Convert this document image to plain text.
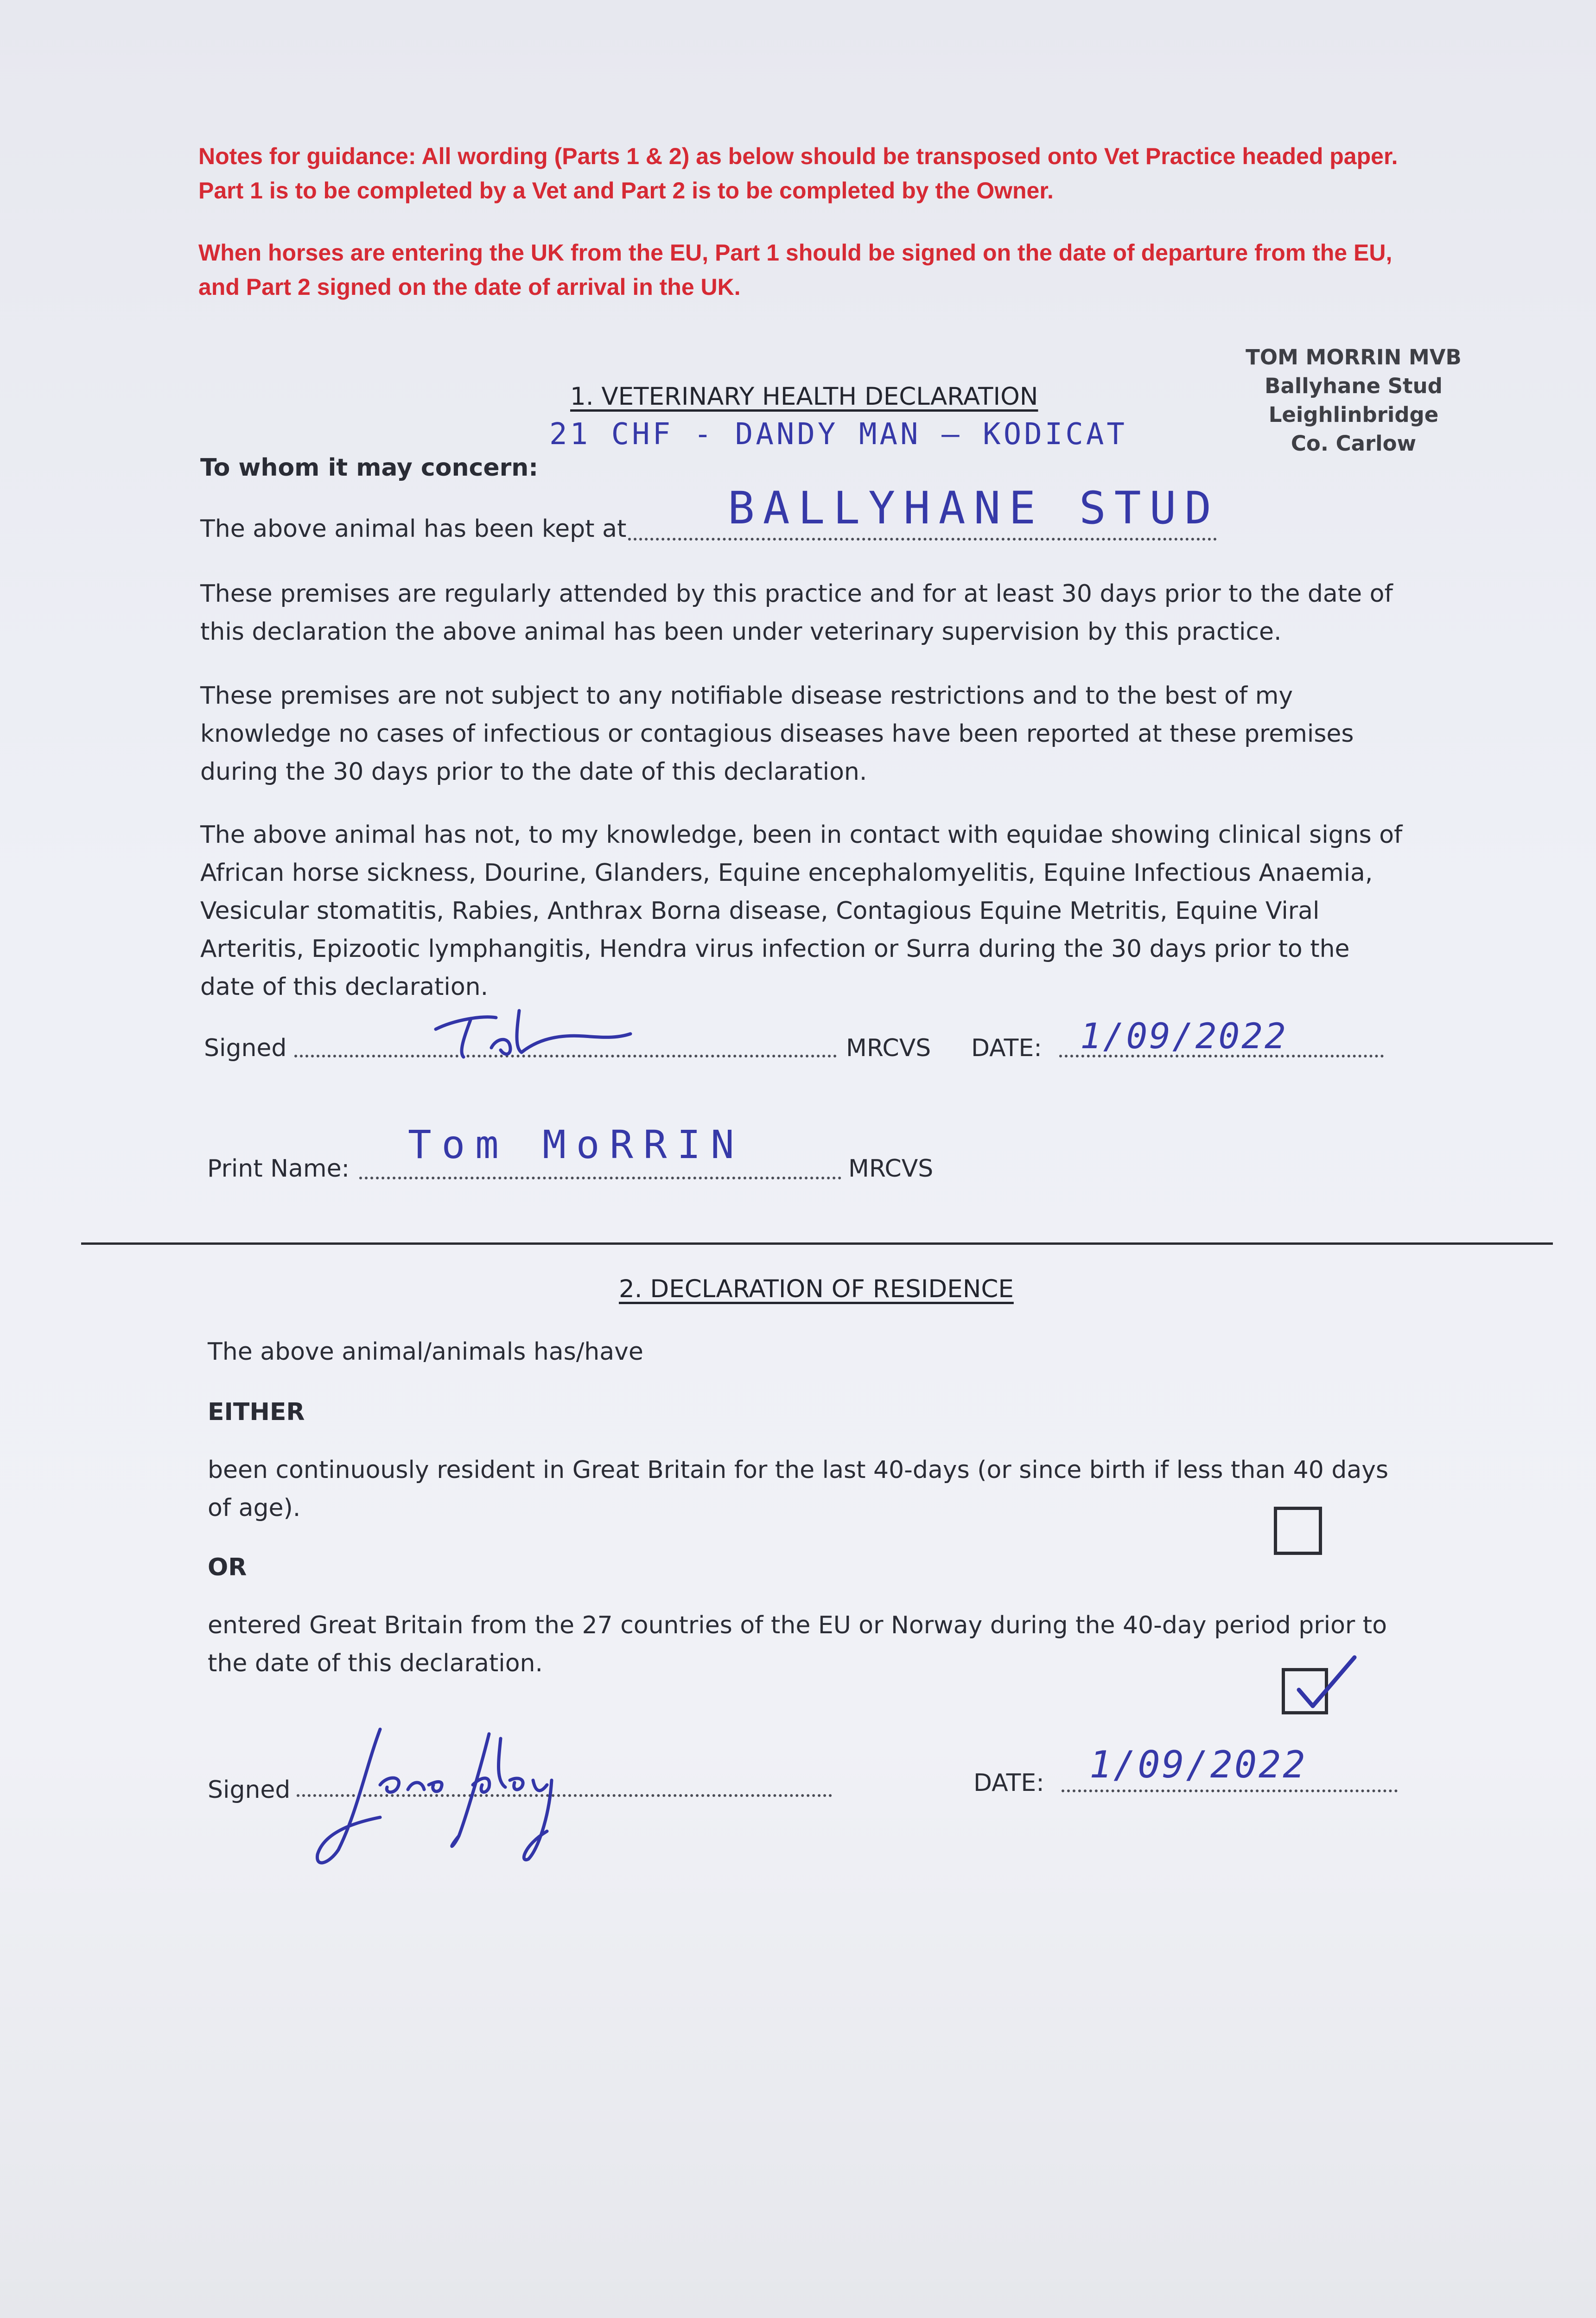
Notes for guidance: All wording (Parts 1 & 2) as below should be transposed onto Vet Practice headed paper. Part 1 is to be completed by a Vet and Part 2 is to be completed by the Owner.
When horses are entering the UK from the EU, Part 1 should be signed on the date of departure from the EU, and Part 2 signed on the date of arrival in the UK.
TOM MORRIN MVB
Ballyhane Stud
Leighlinbridge
Co. Carlow
1. VETERINARY HEALTH DECLARATION
21 CHF - DANDY MAN — KODICAT
To whom it may concern:
The above animal has been kept at BALLYHANE STUD
These premises are regularly attended by this practice and for at least 30 days prior to the date of this declaration the above animal has been under veterinary supervision by this practice.
These premises are not subject to any notifiable disease restrictions and to the best of my knowledge no cases of infectious or contagious diseases have been reported at these premises during the 30 days prior to the date of this declaration.
The above animal has not, to my knowledge, been in contact with equidae showing clinical signs of African horse sickness, Dourine, Glanders, Equine encephalomyelitis, Equine Infectious Anaemia, Vesicular stomatitis, Rabies, Anthrax Borna disease, Contagious Equine Metritis, Equine Viral Arteritis, Epizootic lymphangitis, Hendra virus infection or Surra during the 30 days prior to the date of this declaration.
Signed	MRCVS DATE: 1/09/2022
Print Name:
Tom MoRRIN
MRCVS
2. DECLARATION OF RESIDENCE
The above animal/animals has/have
EITHER
been continuously resident in Great Britain for the last 40-days (or since birth if less than 40 days of age).
OR
entered Great Britain from the 27 countries of the EU or Norway during the 40-day period prior to the date of this declaration.
Signed	DATE: 1/09/2022
